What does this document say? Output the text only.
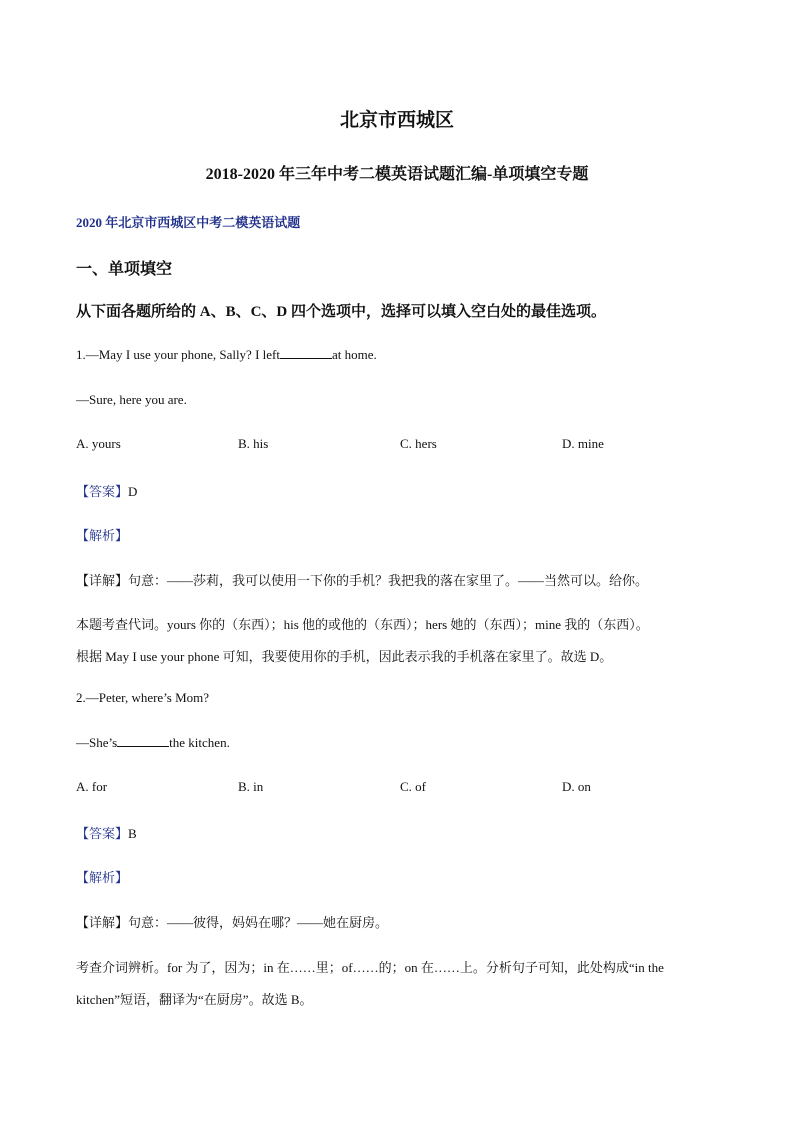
北京市西城区
2018-2020 年三年中考二模英语试题汇编-单项填空专题
2020 年北京市西城区中考二模英语试题
一、单项填空
从下面各题所给的 A、B、C、D 四个选项中，选择可以填入空白处的最佳选项。
1.—May I use your phone, Sally? I left	at home.
—Sure, here you are.
A. yours	B. his	C. hers	D. mine
【答案】D
【解析】
【详解】句意：——莎莉，我可以使用一下你的手机？我把我的落在家里了。——当然可以。给你。
本题考查代词。yours 你的（东西）；his 他的或他的（东西）；hers 她的（东西）；mine 我的（东西）。
根据 May I use your phone 可知，我要使用你的手机，因此表示我的手机落在家里了。故选 D。
2.—Peter, where’s Mom?
—She’s	the kitchen.
A. for	B. in	C. of	D. on
【答案】B
【解析】
【详解】句意：——彼得，妈妈在哪？——她在厨房。
考查介词辨析。for 为了，因为；in 在……里；of……的；on 在……上。分析句子可知，此处构成“in the
kitchen”短语，翻译为“在厨房”。故选 B。
